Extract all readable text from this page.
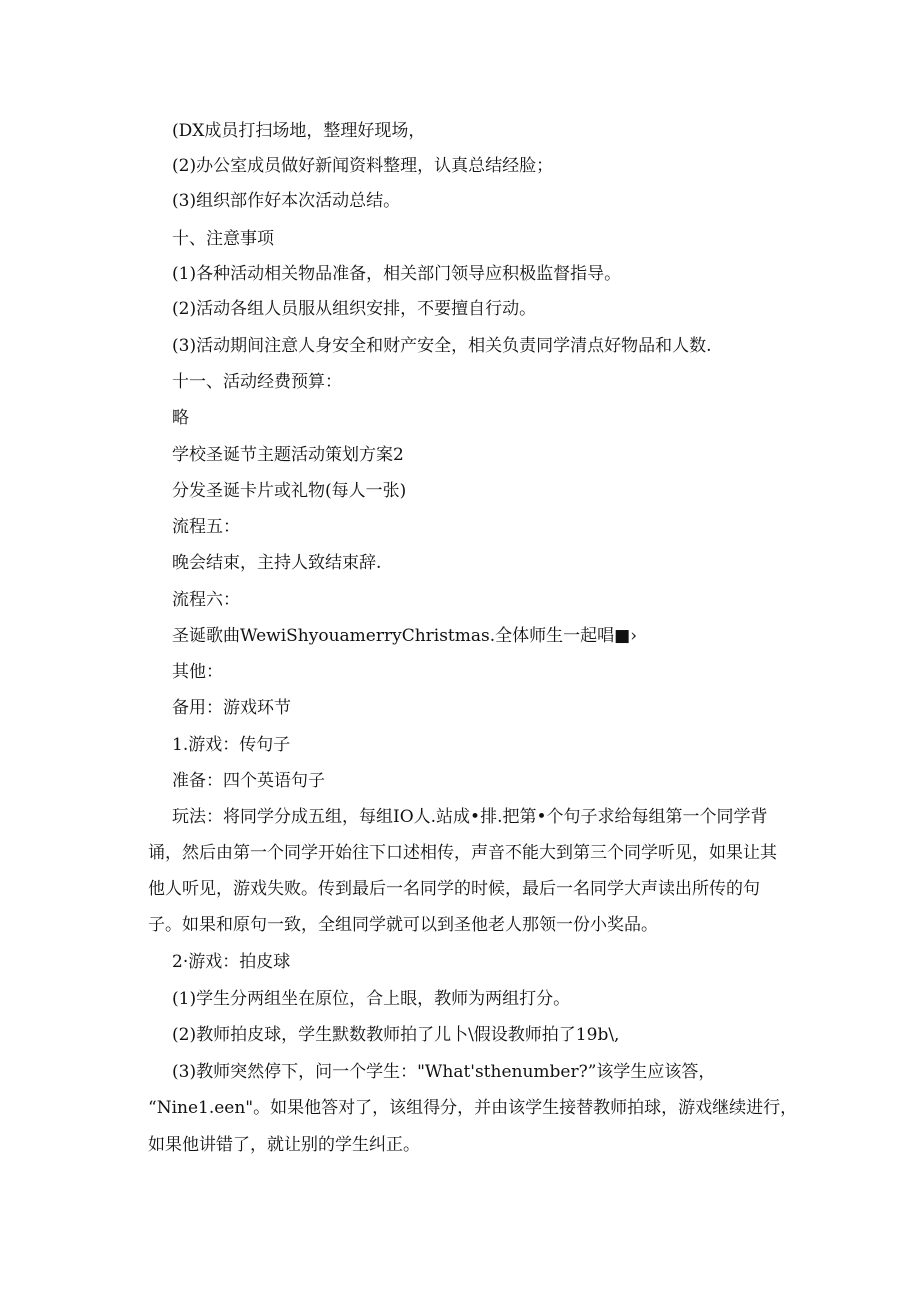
(DX成员打扫场地，整理好现场，
(2)办公室成员做好新闻资料整理，认真总结经脸；
(3)组织部作好本次活动总结。
十、注意事项
(1)各种活动相关物品准备，相关部门领导应积极监督指导。
(2)活动各组人员服从组织安排，不要擅自行动。
(3)活动期间注意人身安全和财产安全，相关负责同学清点好物品和人数.
十一、活动经费预算：
略
学校圣诞节主题活动策划方案2
分发圣诞卡片或礼物(每人一张)
流程五：
晚会结束，主持人致结束辞.
流程六：
圣诞歌曲WewiShyouamerryChristmas.全体师生一起唱■›
其他：
备用：游戏环节
1.游戏：传句子
准备：四个英语句子
玩法：将同学分成五组，每组IO人.站成•排.把第•个句子求给每组第一个同学背
诵，然后由第一个同学开始往下口述相传，声音不能大到第三个同学听见，如果让其
他人听见，游戏失败。传到最后一名同学的时候，最后一名同学大声读出所传的句
子。如果和原句一致，全组同学就可以到圣他老人那领一份小奖品。
2·游戏：拍皮球
(1)学生分两组坐在原位，合上眼，教师为两组打分。
(2)教师拍皮球，学生默数教师拍了儿卜\假设教师拍了19b\,
(3)教师突然停下，问一个学生："What'sthenumber?”该学生应该答，
“Nine1.een"。如果他答对了，该组得分，并由该学生接替教师拍球，游戏继续进行，
如果他讲错了，就让别的学生纠正。
